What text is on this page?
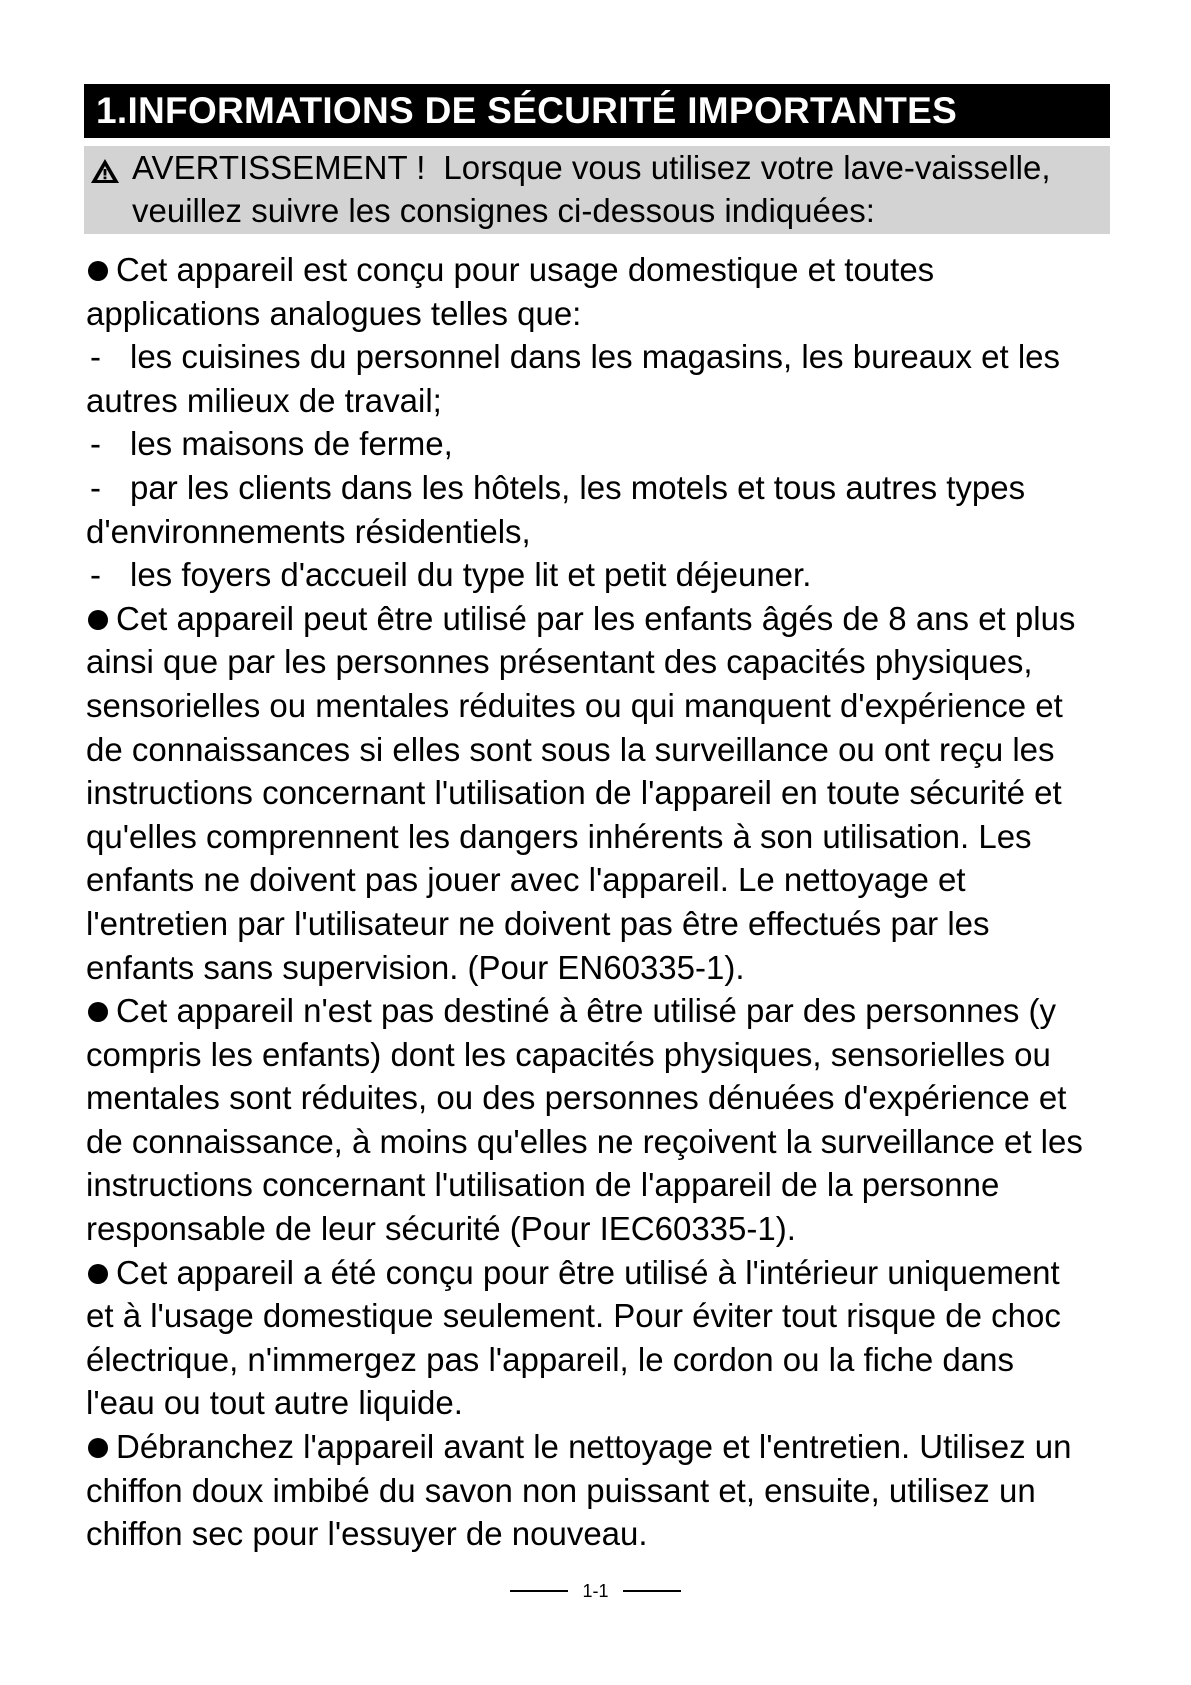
1.INFORMATIONS DE SÉCURITÉ IMPORTANTES
AVERTISSEMENT ! Lorsque vous utilisez votre lave-vaisselle,
veuillez suivre les consignes ci-dessous indiquées:
Cet appareil est conçu pour usage domestique et toutes
applications analogues telles que:
- les cuisines du personnel dans les magasins, les bureaux et les
autres milieux de travail;
- les maisons de ferme,
- par les clients dans les hôtels, les motels et tous autres types
d'environnements résidentiels,
- les foyers d'accueil du type lit et petit déjeuner.
Cet appareil peut être utilisé par les enfants âgés de 8 ans et plus
ainsi que par les personnes présentant des capacités physiques,
sensorielles ou mentales réduites ou qui manquent d'expérience et
de connaissances si elles sont sous la surveillance ou ont reçu les
instructions concernant l'utilisation de l'appareil en toute sécurité et
qu'elles comprennent les dangers inhérents à son utilisation. Les
enfants ne doivent pas jouer avec l'appareil. Le nettoyage et
l'entretien par l'utilisateur ne doivent pas être effectués par les
enfants sans supervision. (Pour EN60335-1).
Cet appareil n'est pas destiné à être utilisé par des personnes (y
compris les enfants) dont les capacités physiques, sensorielles ou
mentales sont réduites, ou des personnes dénuées d'expérience et
de connaissance, à moins qu'elles ne reçoivent la surveillance et les
instructions concernant l'utilisation de l'appareil de la personne
responsable de leur sécurité (Pour IEC60335-1).
Cet appareil a été conçu pour être utilisé à l'intérieur uniquement
et à l'usage domestique seulement. Pour éviter tout risque de choc
électrique, n'immergez pas l'appareil, le cordon ou la fiche dans
l'eau ou tout autre liquide.
Débranchez l'appareil avant le nettoyage et l'entretien. Utilisez un
chiffon doux imbibé du savon non puissant et, ensuite, utilisez un
chiffon sec pour l'essuyer de nouveau.
1-1
